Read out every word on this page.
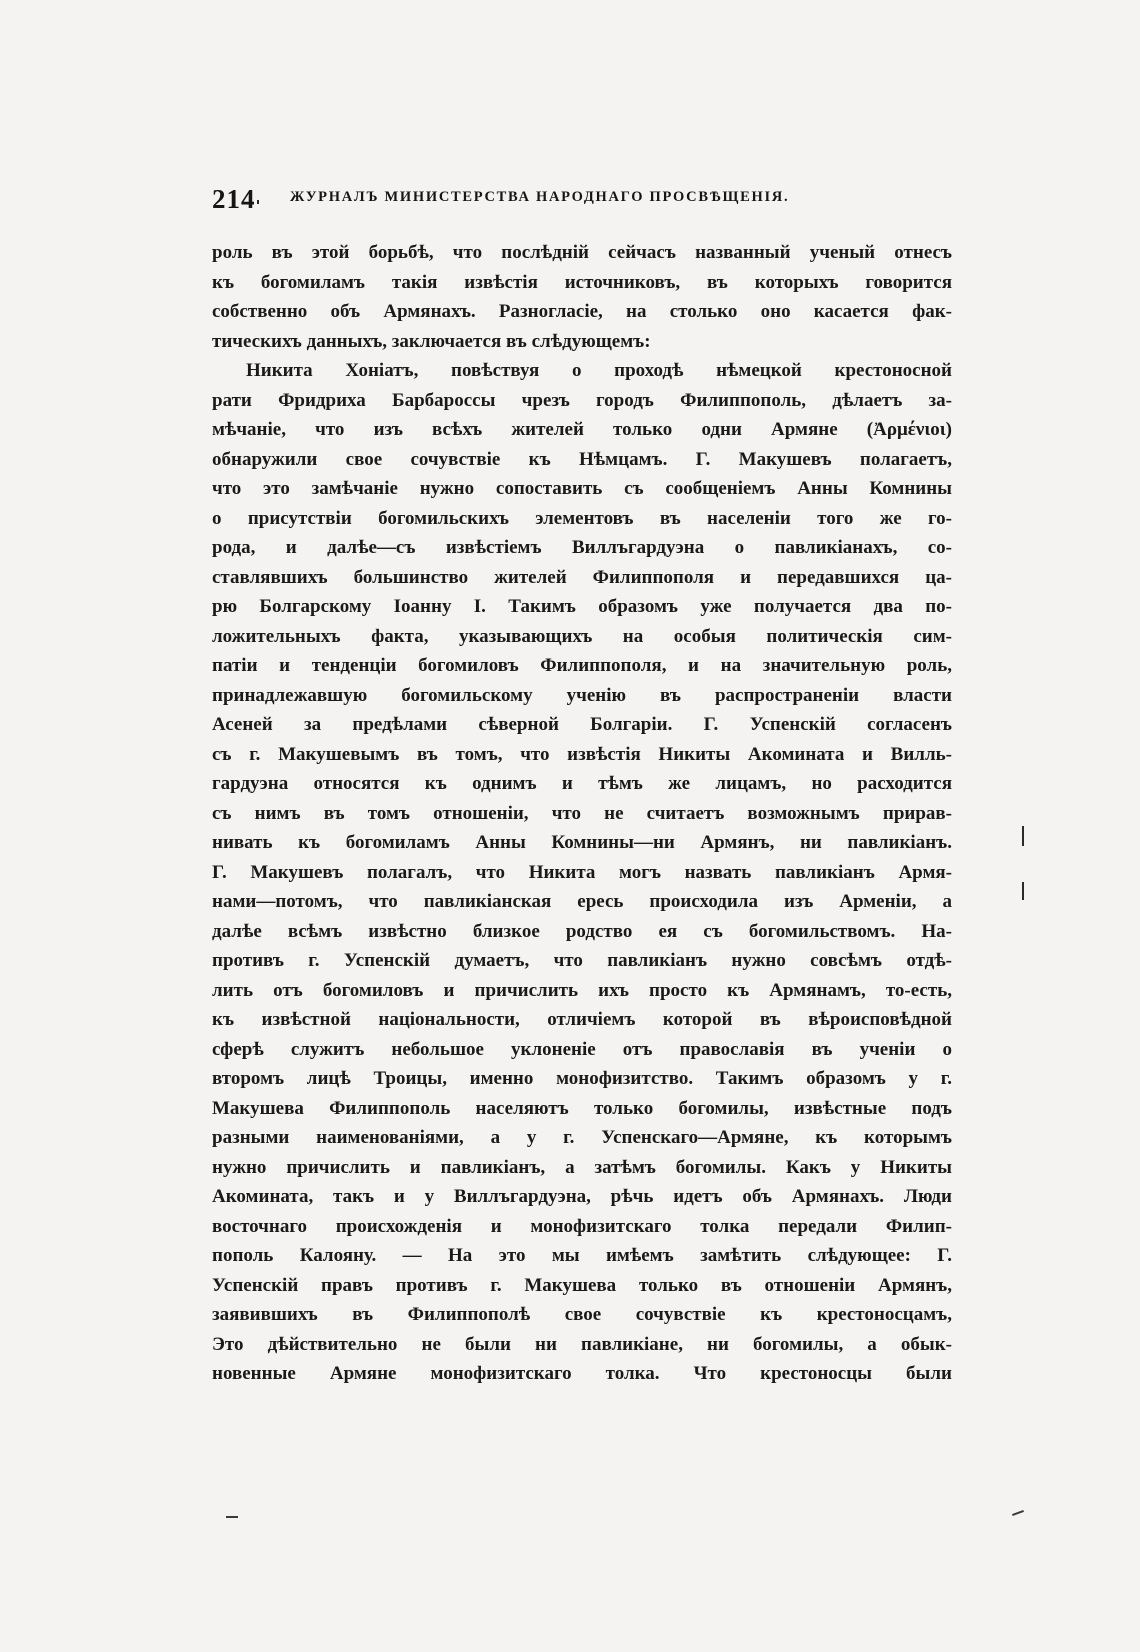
214 ЖУРНАЛЪ МИНИСТЕРСТВА НАРОДНАГО ПРОСВѢЩЕНІЯ.
роль въ этой борьбѣ, что послѣдній сейчасъ названный ученый отнесъ
къ богомиламъ такія извѣстія источниковъ, въ которыхъ говорится
собственно объ Армянахъ. Разногласіе, на столько оно касается фак-
тическихъ данныхъ, заключается въ слѣдующемъ:
Никита Хоніатъ, повѣствуя о проходѣ нѣмецкой крестоносной
рати Фридриха Барбароссы чрезъ городъ Филиппополь, дѣлаетъ за-
мѣчаніе, что изъ всѣхъ жителей только одни Армяне (Ἀρμένιοι)
обнаружили свое сочувствіе къ Нѣмцамъ. Г. Макушевъ полагаетъ,
что это замѣчаніе нужно сопоставить съ сообщеніемъ Анны Комнины
о присутствіи богомильскихъ элементовъ въ населеніи того же го-
рода, и далѣе—съ извѣстіемъ Виллъгардуэна о павликіанахъ, со-
ставлявшихъ большинство жителей Филиппополя и передавшихся ца-
рю Болгарскому Іоанну I. Такимъ образомъ уже получается два по-
ложительныхъ факта, указывающихъ на особыя политическія сим-
патіи и тенденціи богомиловъ Филиппополя, и на значительную роль,
принадлежавшую богомильскому ученію въ распространеніи власти
Асеней за предѣлами сѣверной Болгаріи. Г. Успенскій согласенъ
съ г. Макушевымъ въ томъ, что извѣстія Никиты Акомината и Вилль-
гардуэна относятся къ однимъ и тѣмъ же лицамъ, но расходится
съ нимъ въ томъ отношеніи, что не считаетъ возможнымъ прирав-
нивать къ богомиламъ Анны Комнины—ни Армянъ, ни павликіанъ.
Г. Макушевъ полагалъ, что Никита могъ назвать павликіанъ Армя-
нами—потомъ, что павликіанская ересь происходила изъ Арменіи, а
далѣе всѣмъ извѣстно близкое родство ея съ богомильствомъ. На-
противъ г. Успенскій думаетъ, что павликіанъ нужно совсѣмъ отдѣ-
лить отъ богомиловъ и причислить ихъ просто къ Армянамъ, то-есть,
къ извѣстной національности, отличіемъ которой въ вѣроисповѣдной
сферѣ служитъ небольшое уклоненіе отъ православія въ ученіи о
второмъ лицѣ Троицы, именно монофизитство. Такимъ образомъ у г.
Макушева Филиппополь населяютъ только богомилы, извѣстные подъ
разными наименованіями, а у г. Успенскаго—Армяне, къ которымъ
нужно причислить и павликіанъ, а затѣмъ богомилы. Какъ у Никиты
Акомината, такъ и у Виллъгардуэна, рѣчь идетъ объ Армянахъ. Люди
восточнаго происхожденія и монофизитскаго толка передали Филип-
пополь Калояну. — На это мы имѣемъ замѣтить слѣдующее: Г.
Успенскій правъ противъ г. Макушева только въ отношеніи Армянъ,
заявившихъ въ Филиппополѣ свое сочувствіе къ крестоносцамъ,
Это дѣйствительно не были ни павликіане, ни богомилы, а обык-
новенные Армяне монофизитскаго толка. Что крестоносцы были
